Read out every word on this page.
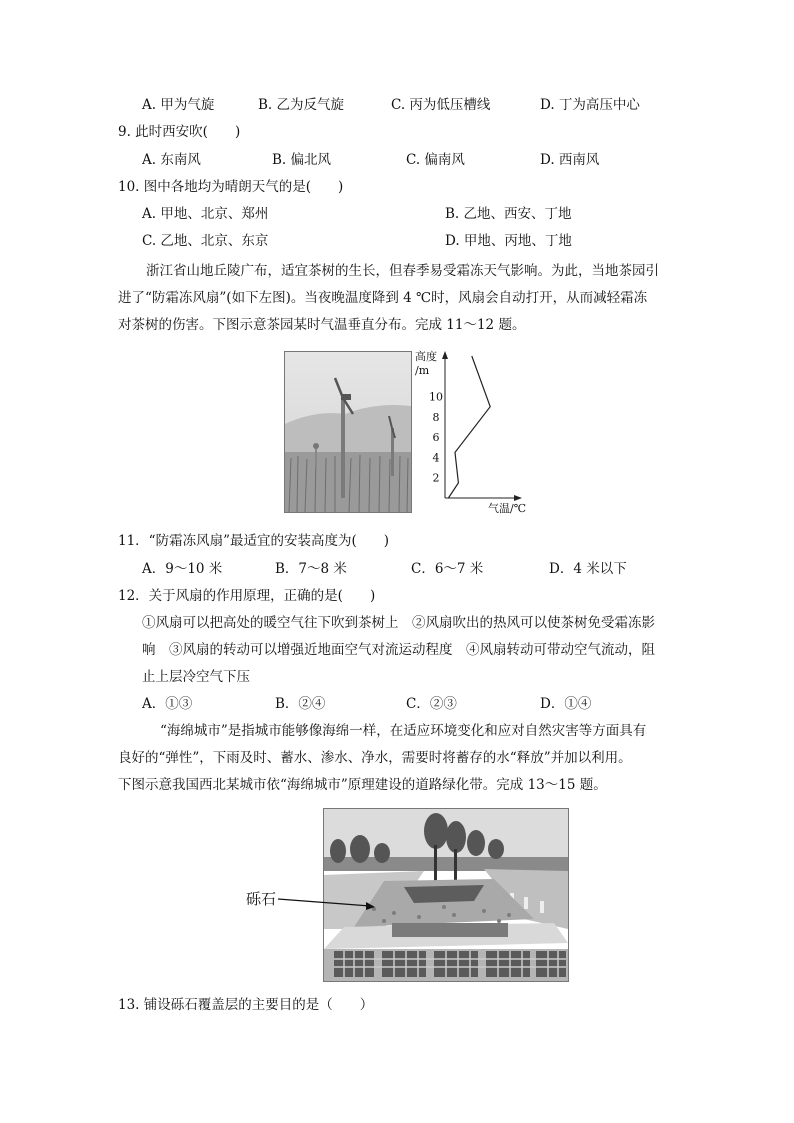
A. 甲为气旋	B. 乙为反气旋	C. 丙为低压槽线	D. 丁为高压中心
9. 此时西安吹(　　)
A. 东南风	B. 偏北风	C. 偏南风	D. 西南风
10. 图中各地均为晴朗天气的是(　　)
A. 甲地、北京、郑州	B. 乙地、西安、丁地
C. 乙地、北京、东京	D. 甲地、丙地、丁地
浙江省山地丘陵广布，适宜茶树的生长，但春季易受霜冻天气影响。为此，当地茶园引
进了“防霜冻风扇”(如下左图)。当夜晚温度降到 4 ℃时，风扇会自动打开，从而减轻霜冻
对茶树的伤害。下图示意茶园某时气温垂直分布。完成 11～12 题。
高度
/m
2
4
6
8
10
气温/℃
11．“防霜冻风扇”最适宜的安装高度为(　　)
A．9～10 米	B．7～8 米	C．6～7 米	D．4 米以下
12．关于风扇的作用原理，正确的是(　　)
①风扇可以把高处的暖空气往下吹到茶树上　②风扇吹出的热风可以使茶树免受霜冻影
响　③风扇的转动可以增强近地面空气对流运动程度　④风扇转动可带动空气流动，阻
止上层冷空气下压
A．①③	B．②④	C．②③	D．①④
“海绵城市”是指城市能够像海绵一样，在适应环境变化和应对自然灾害等方面具有
良好的“弹性”，下雨及时、蓄水、渗水、净水，需要时将蓄存的水“释放”并加以利用。
下图示意我国西北某城市依“海绵城市”原理建设的道路绿化带。完成 13～15 题。
砾石
13. 铺设砾石覆盖层的主要目的是（　　）
